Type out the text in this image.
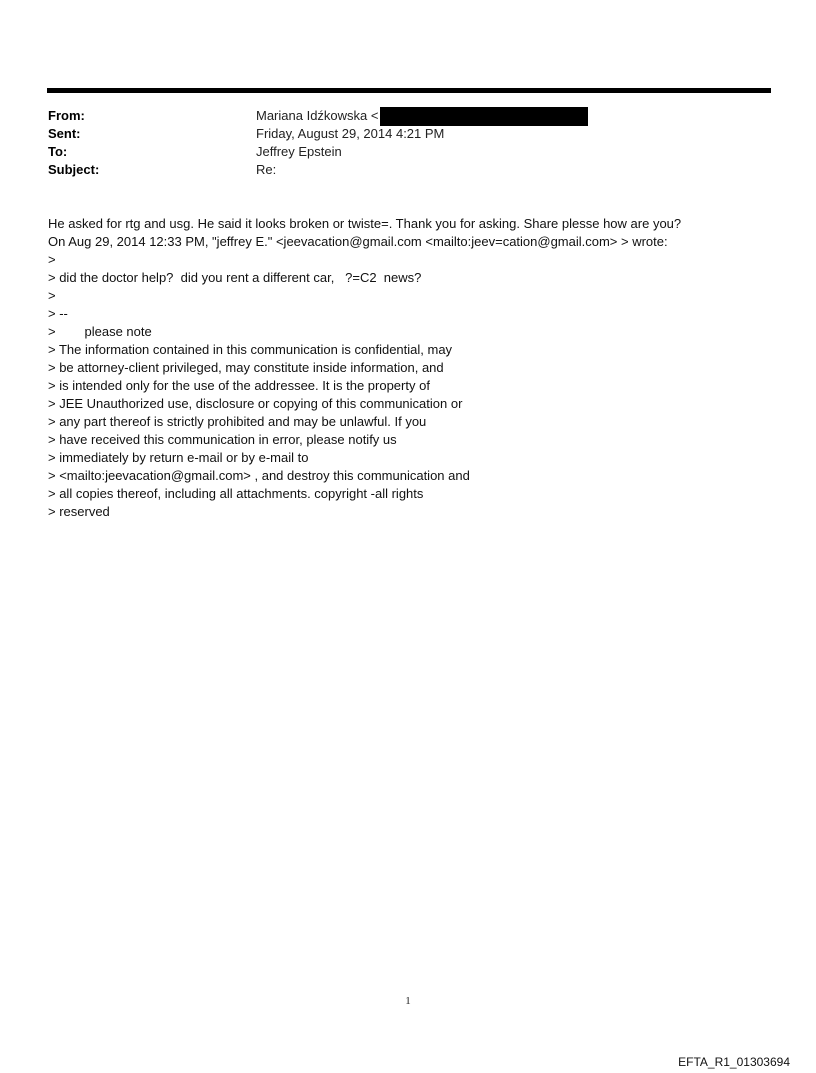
From:	Mariana Idźkowska <
Sent:	Friday, August 29, 2014 4:21 PM
To:	Jeffrey Epstein
Subject:	Re:
He asked for rtg and usg. He said it looks broken or twiste=. Thank you for asking. Share plesse how are you?
On Aug 29, 2014 12:33 PM, "jeffrey E." <jeevacation@gmail.com <mailto:jeev=cation@gmail.com> > wrote:
>
> did the doctor help?  did you rent a different car,   ?=C2  news?
>
> --
>        please note
> The information contained in this communication is confidential, may
> be attorney-client privileged, may constitute inside information, and
> is intended only for the use of the addressee. It is the property of
> JEE Unauthorized use, disclosure or copying of this communication or
> any part thereof is strictly prohibited and may be unlawful. If you
> have received this communication in error, please notify us
> immediately by return e-mail or by e-mail to
> <mailto:jeevacation@gmail.com> , and destroy this communication and
> all copies thereof, including all attachments. copyright -all rights
> reserved
1
EFTA_R1_01303694
